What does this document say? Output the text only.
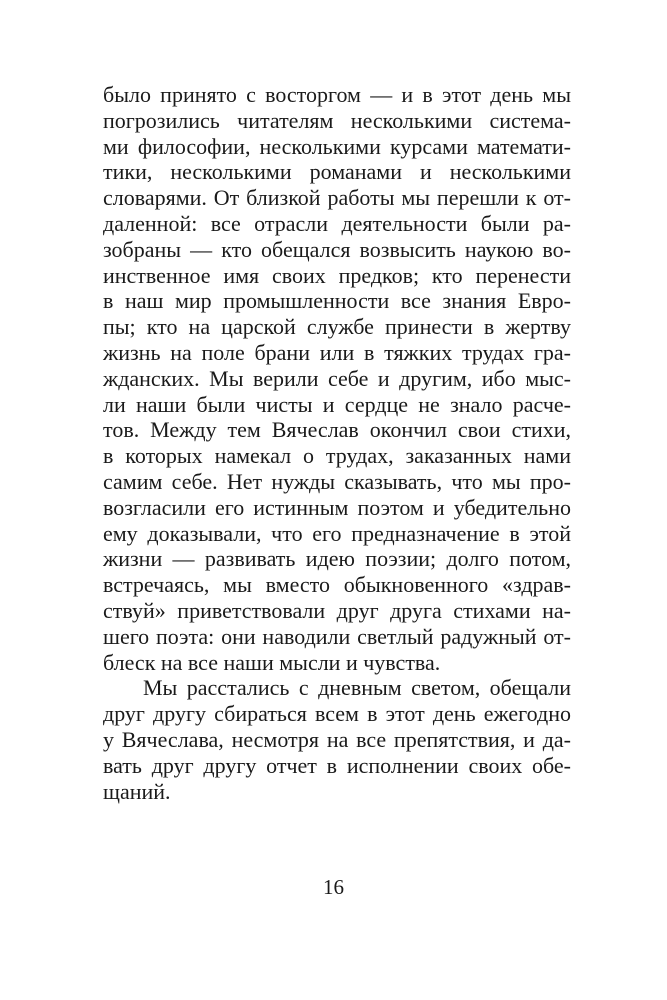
было принято с восторгом — и в этот день мы
погрозились читателям несколькими система-
ми философии, несколькими курсами математи-
тики, несколькими романами и несколькими
словарями. От близкой работы мы перешли к от-
даленной: все отрасли деятельности были ра-
зобраны — кто обещался возвысить наукою во-
инственное имя своих предков; кто перенести
в наш мир промышленности все знания Евро-
пы; кто на царской службе принести в жертву
жизнь на поле брани или в тяжких трудах гра-
жданских. Мы верили себе и другим, ибо мыс-
ли наши были чисты и сердце не знало расче-
тов. Между тем Вячеслав окончил свои стихи,
в которых намекал о трудах, заказанных нами
самим себе. Нет нужды сказывать, что мы про-
возгласили его истинным поэтом и убедительно
ему доказывали, что его предназначение в этой
жизни — развивать идею поэзии; долго потом,
встречаясь, мы вместо обыкновенного «здрав-
ствуй» приветствовали друг друга стихами на-
шего поэта: они наводили светлый радужный от-
блеск на все наши мысли и чувства.
Мы расстались с дневным светом, обещали
друг другу сбираться всем в этот день ежегодно
у Вячеслава, несмотря на все препятствия, и да-
вать друг другу отчет в исполнении своих обе-
щаний.
16
